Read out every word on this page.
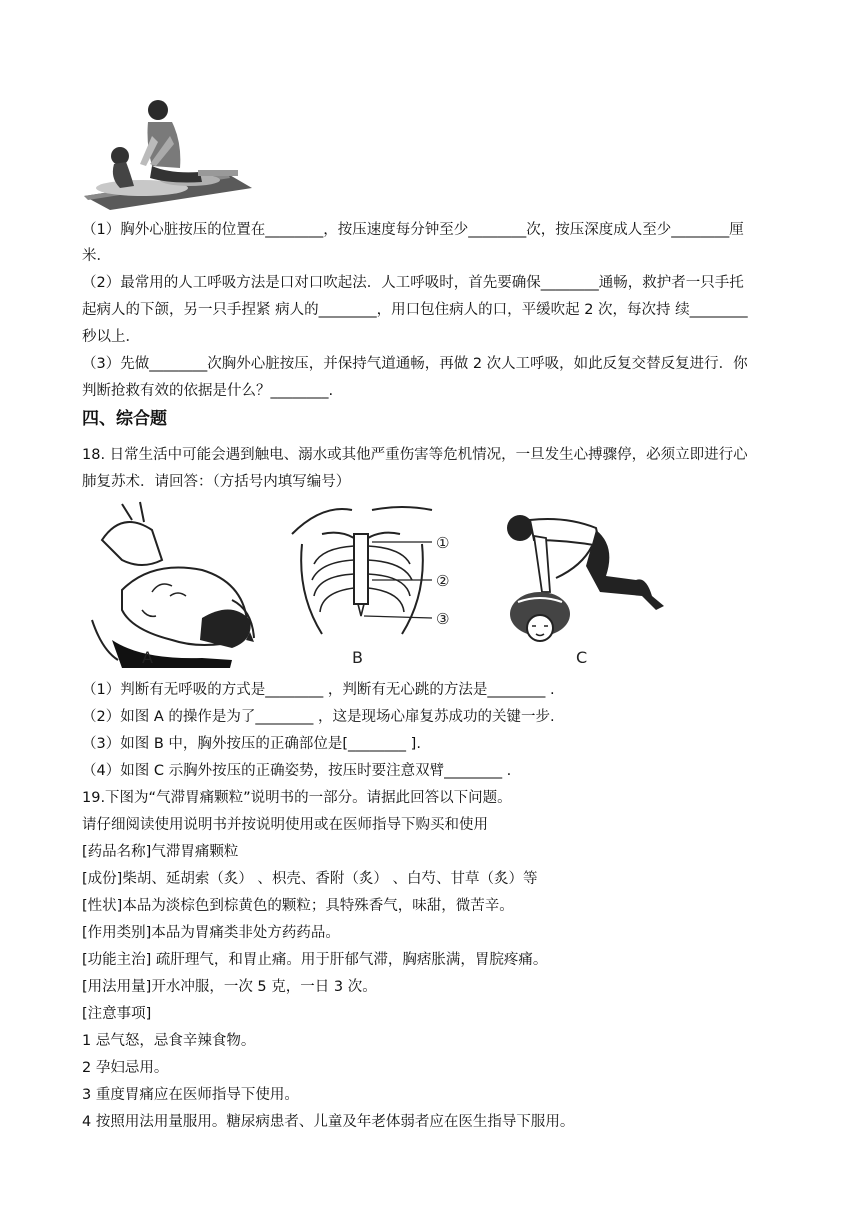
（1）胸外心脏按压的位置在________，按压速度每分钟至少________次，按压深度成人至少________厘
米．
（2）最常用的人工呼吸方法是口对口吹起法．人工呼吸时，首先要确保________通畅，救护者一只手托
起病人的下颌，另一只手捏紧 病人的________，用口包住病人的口，平缓吹起 2 次，每次持 续________
秒以上．
（3）先做________次胸外心脏按压，并保持气道通畅，再做 2 次人工呼吸，如此反复交替反复进行．你
判断抢救有效的依据是什么？________.
四、综合题
18. 日常生活中可能会遇到触电、溺水或其他严重伤害等危机情况，一旦发生心搏骤停，必须立即进行心
肺复苏术．请回答：（方括号内填写编号）
A
①
②
③
B	C
（1）判断有无呼吸的方式是________ ，判断有无心跳的方法是________ .
（2）如图 A 的操作是为了________ ，这是现场心扉复苏成功的关键一步.
（3）如图 B 中，胸外按压的正确部位是[________ ].
（4）如图 C 示胸外按压的正确姿势，按压时要注意双臂________ .
19.下图为“气滞胃痛颗粒”说明书的一部分。请据此回答以下问题。
请仔细阅读使用说明书并按说明使用或在医师指导下购买和使用
[药品名称]气滞胃痛颗粒
[成份]柴胡、延胡索（炙） 、枳壳、香附（炙） 、白芍、甘草（炙）等
[性状]本品为淡棕色到棕黄色的颗粒；具特殊香气，味甜，微苦辛。
[作用类别]本品为胃痛类非处方药药品。
[功能主治] 疏肝理气，和胃止痛。用于肝郁气滞，胸痞胀满，胃脘疼痛。
[用法用量]开水冲服，一次 5 克，一日 3 次。
[注意事项]
1 忌气怒，忌食辛辣食物。
2 孕妇忌用。
3 重度胃痛应在医师指导下使用。
4 按照用法用量服用。糖尿病患者、儿童及年老体弱者应在医生指导下服用。
